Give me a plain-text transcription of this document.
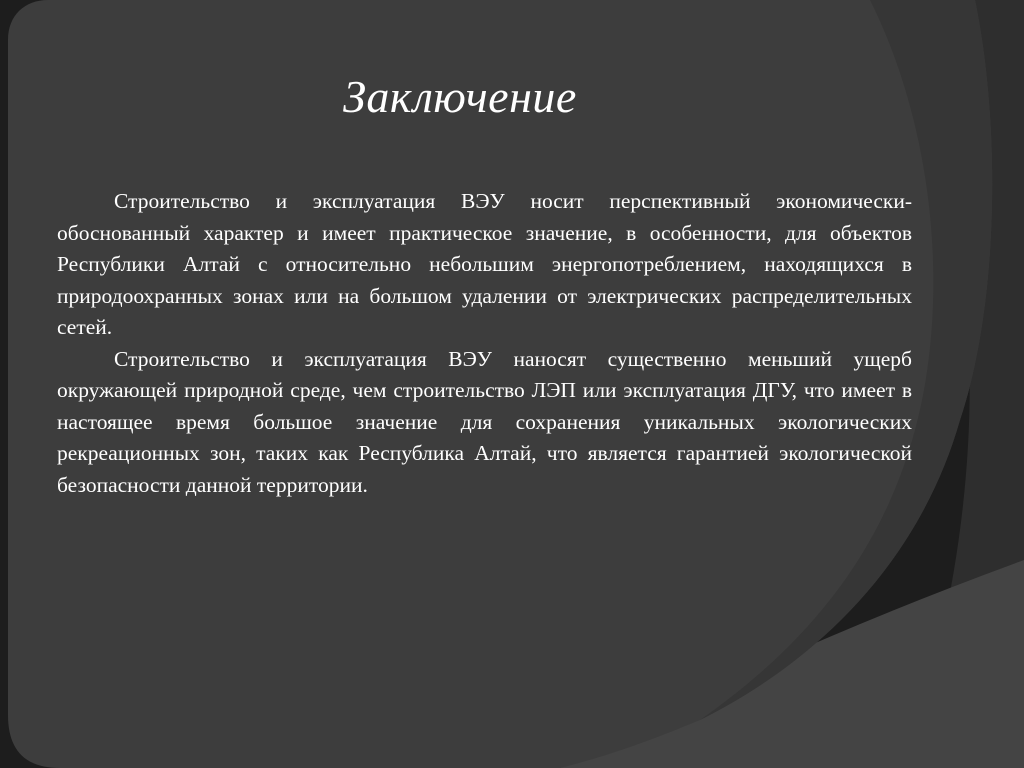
Заключение

Строительство и эксплуатация ВЭУ носит перспективный экономически-обоснованный характер и имеет практическое значение, в особенности, для объектов Республики Алтай с относительно небольшим энергопотреблением, находящихся в природоохранных зонах или на большом удалении от электрических распределительных сетей.

Строительство и эксплуатация ВЭУ наносят существенно меньший ущерб окружающей природной среде, чем строительство ЛЭП или эксплуатация ДГУ, что имеет в настоящее время большое значение для сохранения уникальных экологических рекреационных зон, таких как Республика Алтай, что является гарантией экологической безопасности данной территории.
